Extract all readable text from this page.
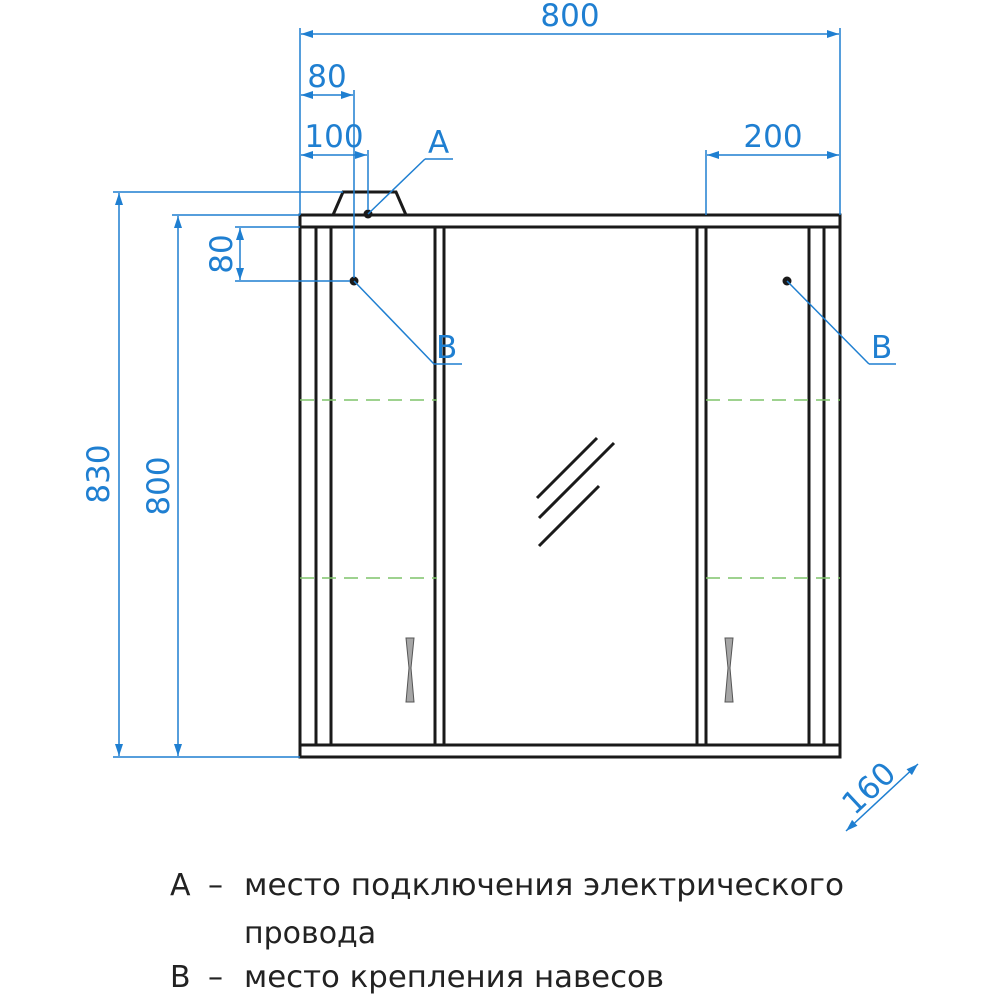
A
B	B
800
80
100	200
80
830 800
160
A – место подключения электрического
провода
B – место крепления навесов
